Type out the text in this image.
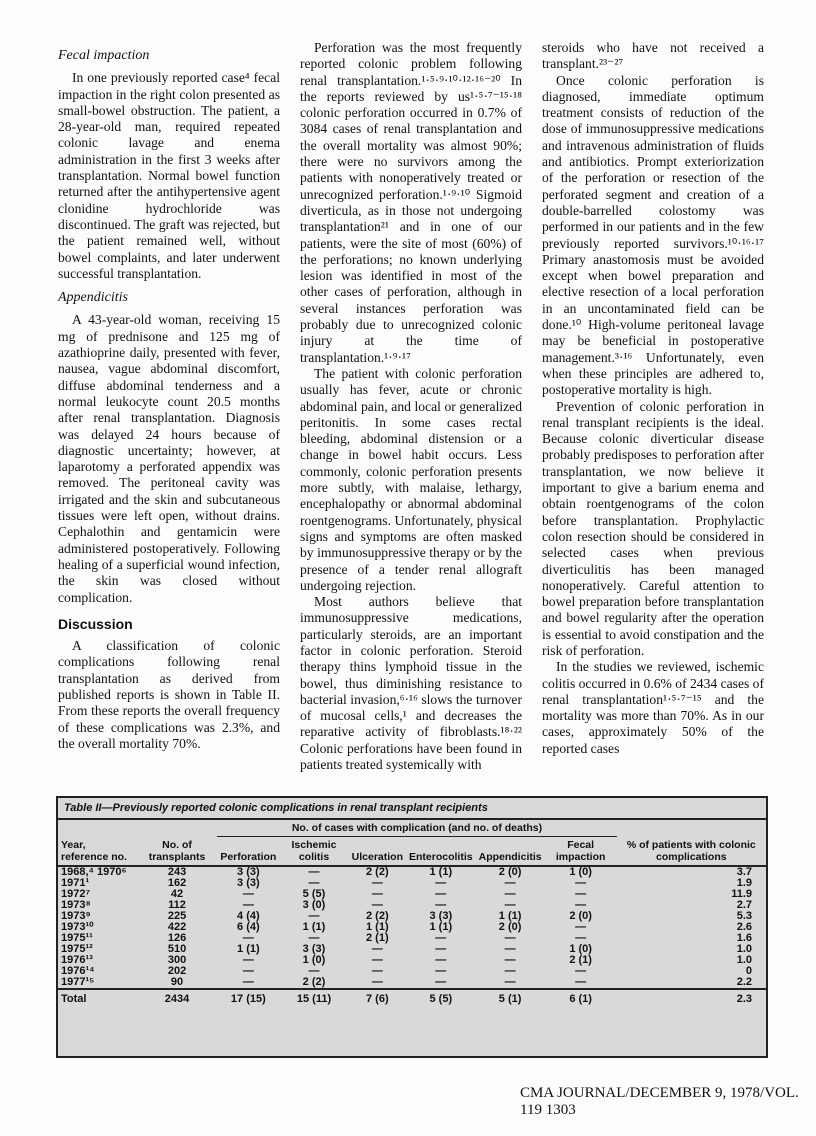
Fecal impaction

In one previously reported case⁴ fecal impaction in the right colon presented as small-bowel obstruction. The patient, a 28-year-old man, required repeated colonic lavage and enema administration in the first 3 weeks after transplantation. Normal bowel function returned after the antihypertensive agent clonidine hydrochloride was discontinued. The graft was rejected, but the patient remained well, without bowel complaints, and later underwent successful transplantation.

Appendicitis

A 43-year-old woman, receiving 15 mg of prednisone and 125 mg of azathioprine daily, presented with fever, nausea, vague abdominal discomfort, diffuse abdominal tenderness and a normal leukocyte count 20.5 months after renal transplantation. Diagnosis was delayed 24 hours because of diagnostic uncertainty; however, at laparotomy a perforated appendix was removed. The peritoneal cavity was irrigated and the skin and subcutaneous tissues were left open, without drains. Cephalothin and gentamicin were administered postoperatively. Following healing of a superficial wound infection, the skin was closed without complication.

Discussion

A classification of colonic complications following renal transplantation as derived from published reports is shown in Table II. From these reports the overall frequency of these complications was 2.3%, and the overall mortality 70%.

Perforation was the most frequently reported colonic problem following renal transplantation.¹·⁵·⁹·¹⁰·¹²·¹⁶⁻²⁰ In the reports reviewed by us¹·⁵·⁷⁻¹⁵·¹⁸ colonic perforation occurred in 0.7% of 3084 cases of renal transplantation and the overall mortality was almost 90%; there were no survivors among the patients with nonoperatively treated or unrecognized perforation.¹·⁹·¹⁰ Sigmoid diverticula, as in those not undergoing transplantation²¹ and in one of our patients, were the site of most (60%) of the perforations; no known underlying lesion was identified in most of the other cases of perforation, although in several instances perforation was probably due to unrecognized colonic injury at the time of transplantation.¹·⁹·¹⁷

The patient with colonic perforation usually has fever, acute or chronic abdominal pain, and local or generalized peritonitis. In some cases rectal bleeding, abdominal distension or a change in bowel habit occurs. Less commonly, colonic perforation presents more subtly, with malaise, lethargy, encephalopathy or abnormal abdominal roentgenograms. Unfortunately, physical signs and symptoms are often masked by immunosuppressive therapy or by the presence of a tender renal allograft undergoing rejection.

Most authors believe that immunosuppressive medications, particularly steroids, are an important factor in colonic perforation. Steroid therapy thins lymphoid tissue in the bowel, thus diminishing resistance to bacterial invasion,⁶·¹⁶ slows the turnover of mucosal cells,¹ and decreases the reparative activity of fibroblasts.¹⁸·²² Colonic perforations have been found in patients treated systemically with

steroids who have not received a transplant.²³⁻²⁷

Once colonic perforation is diagnosed, immediate optimum treatment consists of reduction of the dose of immunosuppressive medications and intravenous administration of fluids and antibiotics. Prompt exteriorization of the perforation or resection of the perforated segment and creation of a double-barrelled colostomy was performed in our patients and in the few previously reported survivors.¹⁰·¹⁶·¹⁷ Primary anastomosis must be avoided except when bowel preparation and elective resection of a local perforation in an uncontaminated field can be done.¹⁰ High-volume peritoneal lavage may be beneficial in postoperative management.³·¹⁶ Unfortunately, even when these principles are adhered to, postoperative mortality is high.

Prevention of colonic perforation in renal transplant recipients is the ideal. Because colonic diverticular disease probably predisposes to perforation after transplantation, we now believe it important to give a barium enema and obtain roentgenograms of the colon before transplantation. Prophylactic colon resection should be considered in selected cases when previous diverticulitis has been managed nonoperatively. Careful attention to bowel preparation before transplantation and bowel regularity after the operation is essential to avoid constipation and the risk of perforation.

In the studies we reviewed, ischemic colitis occurred in 0.6% of 2434 cases of renal transplantation¹·⁵·⁷⁻¹⁵ and the mortality was more than 70%. As in our cases, approximately 50% of the reported cases

Table II—Previously reported colonic complications in renal transplant recipients
		No. of cases with complication (and no. of deaths)						
Year, reference no.	No. of transplants	Perforation	Ischemic colitis	Ulceration	Enterocolitis	Appendicitis	Fecal impaction	% of patients with colonic complications
1968,⁴ 1970⁶	243	3 (3)	—	2 (2)	1 (1)	2 (0)	1 (0)	3.7
1971¹	162	3 (3)	—	—	—	—	—	1.9
1972⁷	42	—	5 (5)	—	—	—	—	11.9
1973⁸	112	—	3 (0)	—	—	—	—	2.7
1973⁹	225	4 (4)	—	2 (2)	3 (3)	1 (1)	2 (0)	5.3
1973¹⁰	422	6 (4)	1 (1)	1 (1)	1 (1)	2 (0)	—	2.6
1975¹¹	126	—	—	2 (1)	—	—	—	1.6
1975¹²	510	1 (1)	3 (3)	—	—	—	1 (0)	1.0
1976¹³	300	—	1 (0)	—	—	—	2 (1)	1.0
1976¹⁴	202	—	—	—	—	—	—	0
1977¹⁵	90	—	2 (2)	—	—	—	—	2.2
Total	2434	17 (15)	15 (11)	7 (6)	5 (5)	5 (1)	6 (1)	2.3
CMA JOURNAL/DECEMBER 9, 1978/VOL. 119 1303
